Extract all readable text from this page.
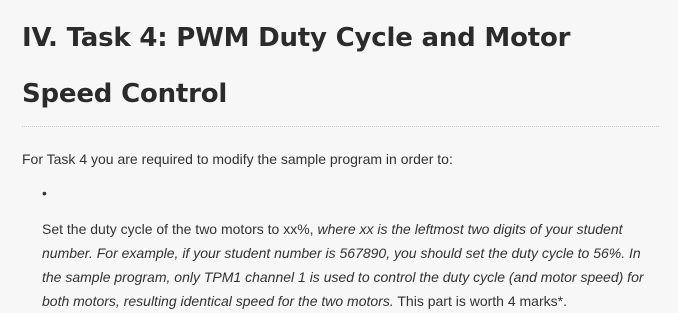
IV. Task 4: PWM Duty Cycle and Motor Speed Control

For Task 4 you are required to modify the sample program in order to:

•

Set the duty cycle of the two motors to xx%, where xx is the leftmost two digits of your student number. For example, if your student number is 567890, you should set the duty cycle to 56%. In the sample program, only TPM1 channel 1 is used to control the duty cycle (and motor speed) for both motors, resulting identical speed for the two motors. This part is worth 4 marks*.
